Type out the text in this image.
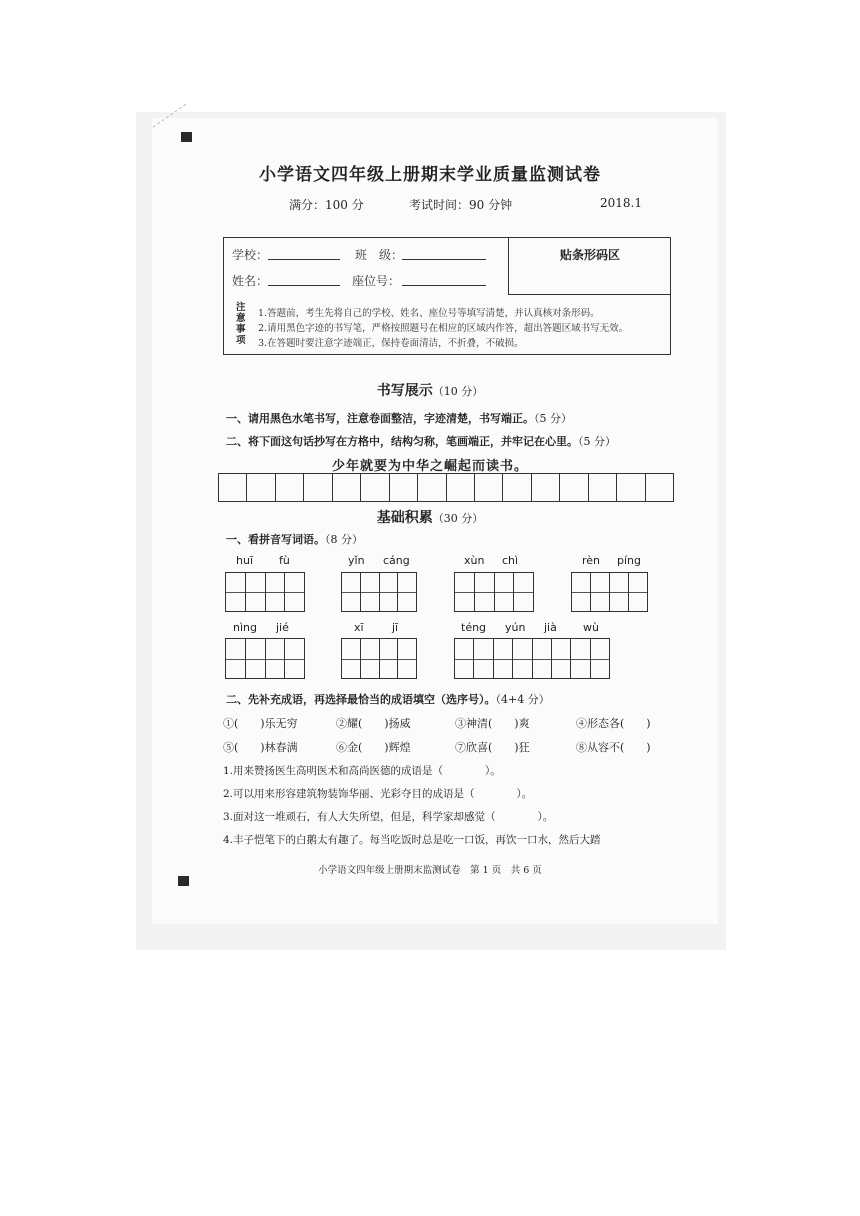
小学语文四年级上册期末学业质量监测试卷
满分：100 分	考试时间：90 分钟	2018.1
贴条形码区
学校：	班　级：
姓名：	座位号：
注
意
事
项
1.答题前，考生先将自己的学校、姓名、座位号等填写清楚，并认真核对条形码。
2.请用黑色字迹的书写笔，严格按照题号在相应的区域内作答，超出答题区域书写无效。
3.在答题时要注意字迹端正，保持卷面清洁，不折叠，不破损。
书写展示（10 分）
一、请用黑色水笔书写，注意卷面整洁，字迹清楚，书写端正。（5 分）
二、将下面这句话抄写在方格中，结构匀称，笔画端正，并牢记在心里。（5 分）
少年就要为中华之崛起而读书。
基础积累（30 分）
一、看拼音写词语。（8 分）
huī fù	yǐn cáng	xùn chì	rèn píng
nìng jié	xī	jī	téng yún jià wù
二、先补充成语，再选择最恰当的成语填空（选序号）。（4+4 分）
①(　　)乐无穷	②耀(　　)扬威	③神清(　　)爽	④形态各(　　)
⑤(　　)林春满	⑥金(　　)辉煌	⑦欣喜(　　)狂	⑧从容不(　　)
1.用来赞扬医生高明医术和高尚医德的成语是（　　　　）。
2.可以用来形容建筑物装饰华丽、光彩夺目的成语是（　　　　）。
3.面对这一堆顽石，有人大失所望，但是，科学家却感觉（　　　　）。
4.丰子恺笔下的白鹅太有趣了。每当吃饭时总是吃一口饭，再饮一口水，然后大踏
小学语文四年级上册期末监测试卷　第 1 页　共 6 页
